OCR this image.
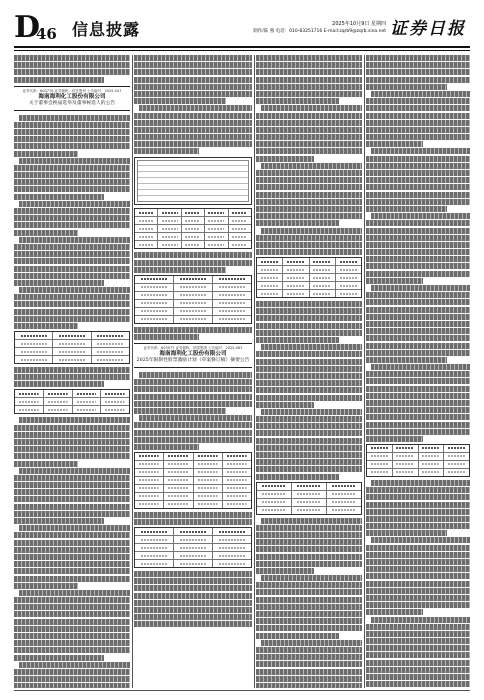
D
46 信息披露	2025年10月9日 星期四
制作/陈 燕 电话：010-83251716 E-mail:zqrb9@zqrb.sina.net 证券日报
证券代码：600770 证券简称：综艺股份 公告编号：2025-047
海南海利化工股份有限公司
关于董事会换届选举及董事候选人的公告
证券代码：603977 证券简称：国泰集团 公告编号：2025-063
海南海利化工股份有限公司
2025年限制性股票激励计划（草案修订稿）摘要公告
